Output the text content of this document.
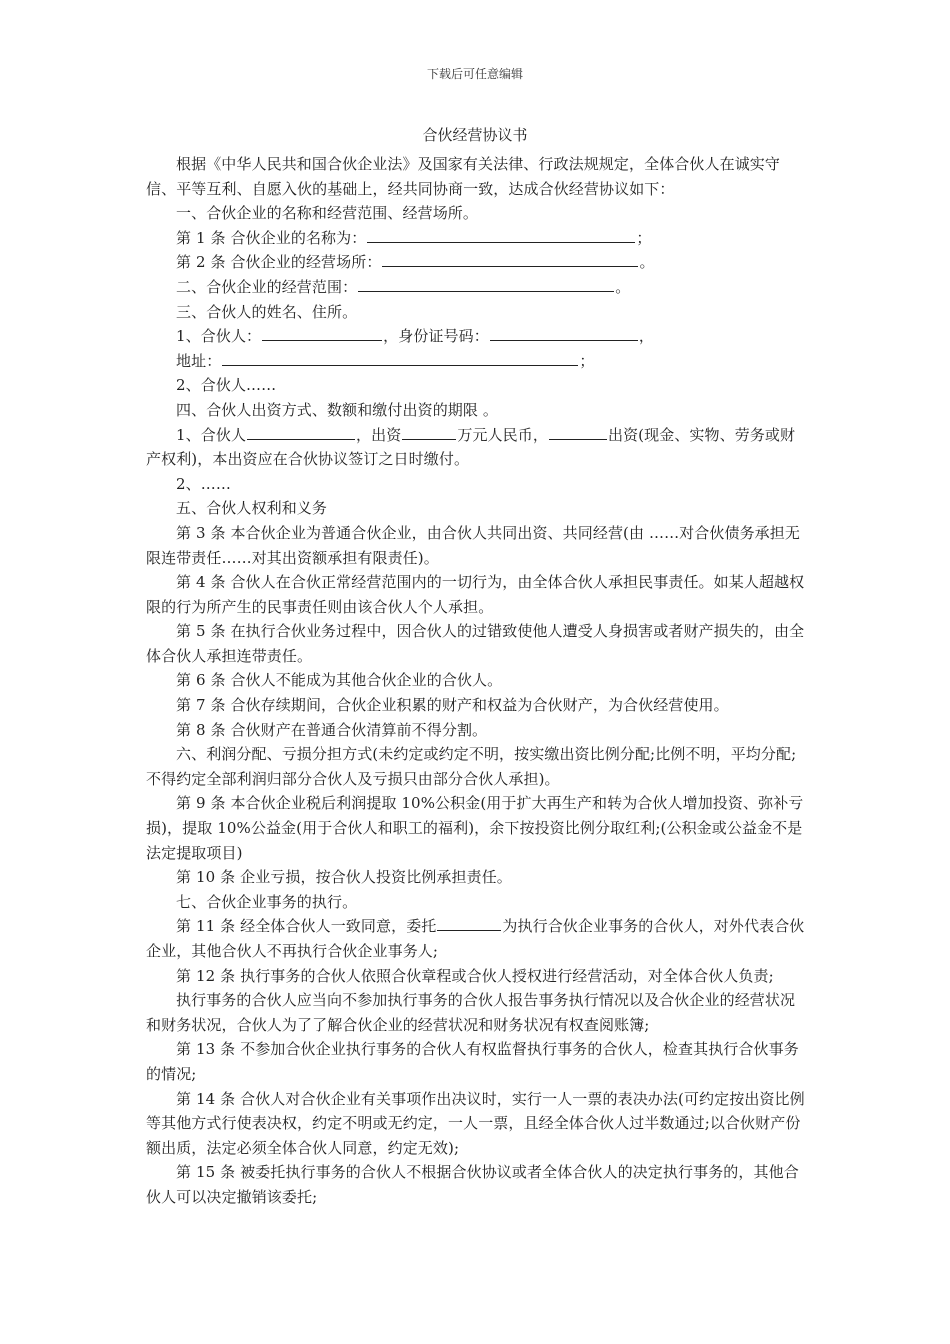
下载后可任意编辑
合伙经营协议书

根据《中华人民共和国合伙企业法》及国家有关法律、行政法规规定，全体合伙人在诚实守信、平等互利、自愿入伙的基础上，经共同协商一致，达成合伙经营协议如下：

一、合伙企业的名称和经营范围、经营场所。

第 1 条 合伙企业的名称为：	；

第 2 条 合伙企业的经营场所：	。

二、合伙企业的经营范围：	。

三、合伙人的姓名、住所。

1、合伙人：	，身份证号码：	，

地址：	；

2、合伙人……

四、合伙人出资方式、数额和缴付出资的期限 。

1、合伙人	，出资	万元人民币，	出资(现金、实物、劳务或财产权利)，本出资应在合伙协议签订之日时缴付。

2、……

五、合伙人权利和义务

第 3 条 本合伙企业为普通合伙企业，由合伙人共同出资、共同经营(由 ……对合伙债务承担无限连带责任……对其出资额承担有限责任)。

第 4 条 合伙人在合伙正常经营范围内的一切行为，由全体合伙人承担民事责任。如某人超越权限的行为所产生的民事责任则由该合伙人个人承担。

第 5 条 在执行合伙业务过程中，因合伙人的过错致使他人遭受人身损害或者财产损失的，由全体合伙人承担连带责任。

第 6 条 合伙人不能成为其他合伙企业的合伙人。

第 7 条 合伙存续期间，合伙企业积累的财产和权益为合伙财产，为合伙经营使用。

第 8 条 合伙财产在普通合伙清算前不得分割。

六、利润分配、亏损分担方式(未约定或约定不明，按实缴出资比例分配;比例不明，平均分配;不得约定全部利润归部分合伙人及亏损只由部分合伙人承担)。

第 9 条 本合伙企业税后利润提取 10%公积金(用于扩大再生产和转为合伙人增加投资、弥补亏损)，提取 10%公益金(用于合伙人和职工的福利)，余下按投资比例分取红利;(公积金或公益金不是法定提取项目)

第 10 条 企业亏损，按合伙人投资比例承担责任。

七、合伙企业事务的执行。

第 11 条 经全体合伙人一致同意，委托	为执行合伙企业事务的合伙人，对外代表合伙企业，其他合伙人不再执行合伙企业事务人;

第 12 条 执行事务的合伙人依照合伙章程或合伙人授权进行经营活动，对全体合伙人负责;

执行事务的合伙人应当向不参加执行事务的合伙人报告事务执行情况以及合伙企业的经营状况和财务状况，合伙人为了了解合伙企业的经营状况和财务状况有权查阅账簿;

第 13 条 不参加合伙企业执行事务的合伙人有权监督执行事务的合伙人，检查其执行合伙事务的情况;

第 14 条 合伙人对合伙企业有关事项作出决议时，实行一人一票的表决办法(可约定按出资比例等其他方式行使表决权，约定不明或无约定，一人一票，且经全体合伙人过半数通过;以合伙财产份额出质，法定必须全体合伙人同意，约定无效);

第 15 条 被委托执行事务的合伙人不根据合伙协议或者全体合伙人的决定执行事务的，其他合伙人可以决定撤销该委托;
